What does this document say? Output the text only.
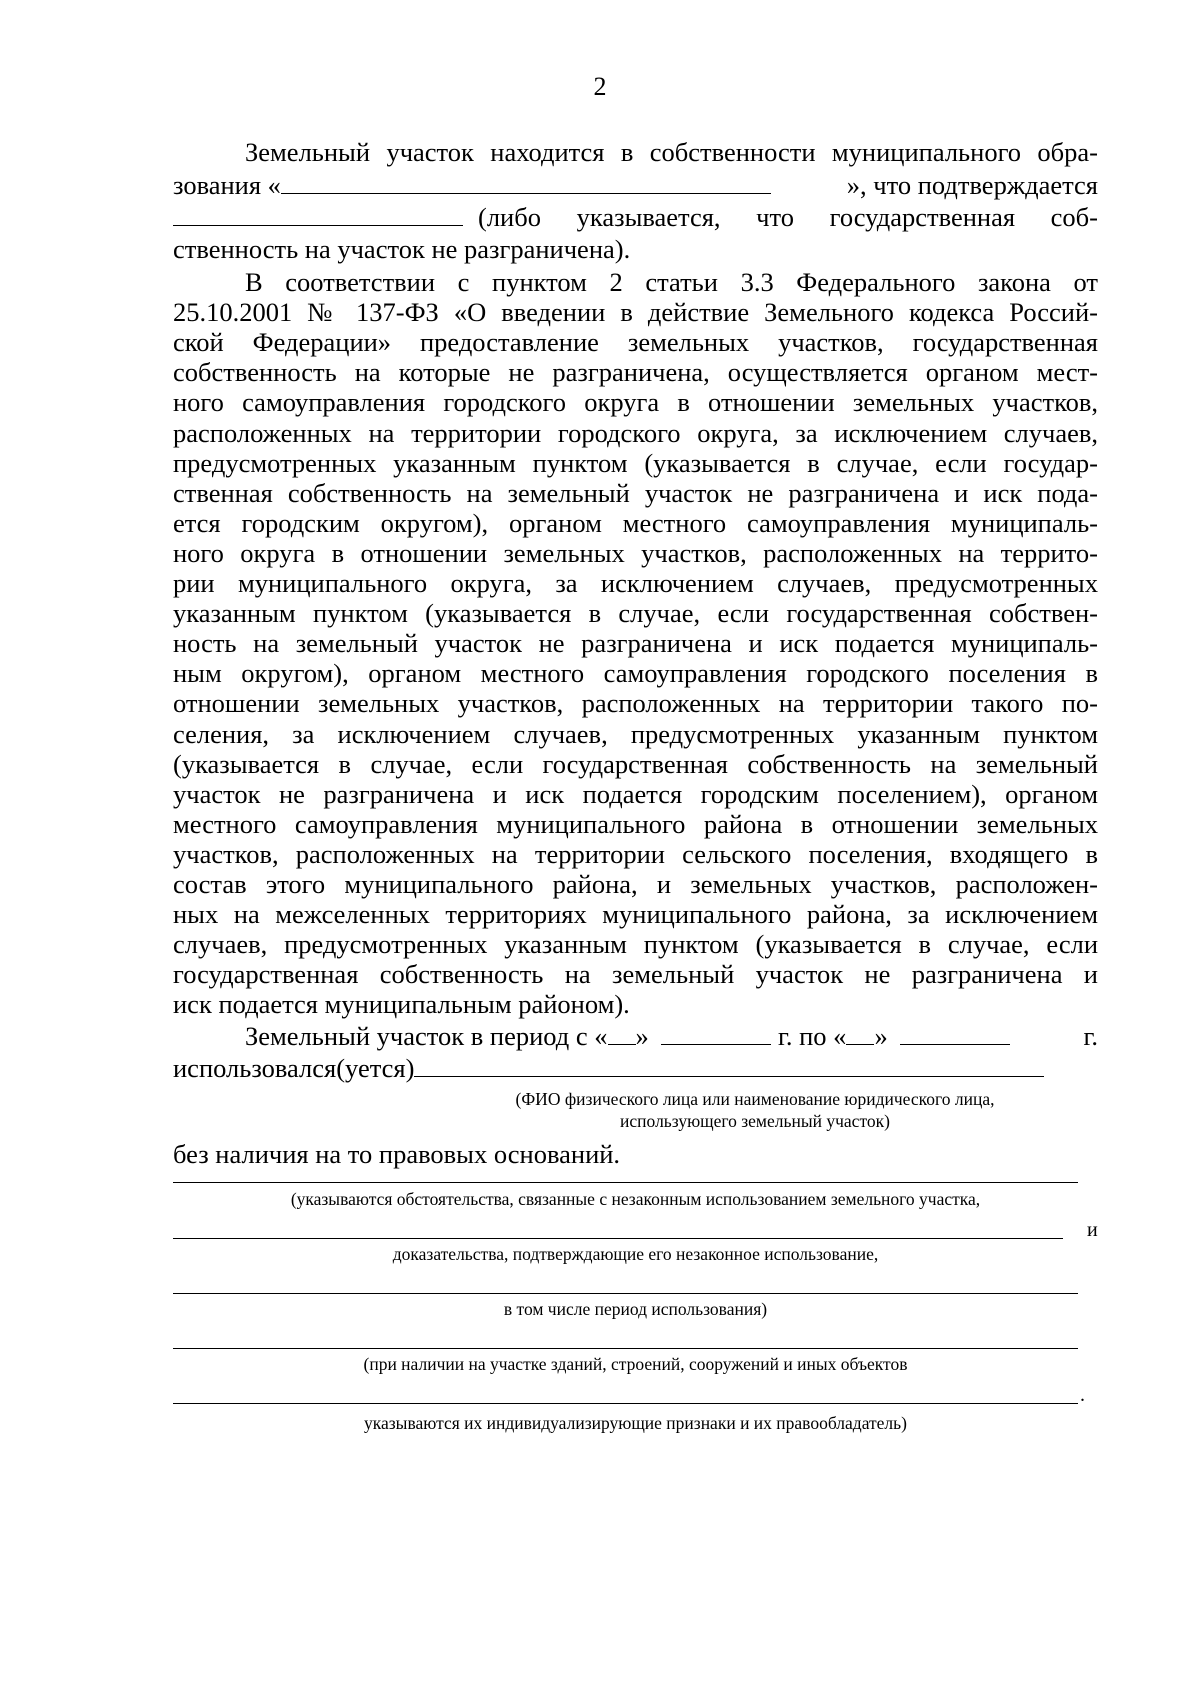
2
Земельный участок находится в собственности муниципального обра-
зования «	», что подтверждается
(либо указывается, что государственная соб-
ственность на участок не разграничена).
В соответствии с пунктом 2 статьи 3.3 Федерального закона от
25.10.2001 № 137-ФЗ «О введении в действие Земельного кодекса Россий-
ской Федерации» предоставление земельных участков, государственная
собственность на которые не разграничена, осуществляется органом мест-
ного самоуправления городского округа в отношении земельных участков,
расположенных на территории городского округа, за исключением случаев,
предусмотренных указанным пунктом (указывается в случае, если государ-
ственная собственность на земельный участок не разграничена и иск пода-
ется городским округом), органом местного самоуправления муниципаль-
ного округа в отношении земельных участков, расположенных на террито-
рии муниципального округа, за исключением случаев, предусмотренных
указанным пунктом (указывается в случае, если государственная собствен-
ность на земельный участок не разграничена и иск подается муниципаль-
ным округом), органом местного самоуправления городского поселения в
отношении земельных участков, расположенных на территории такого по-
селения, за исключением случаев, предусмотренных указанным пунктом
(указывается в случае, если государственная собственность на земельный
участок не разграничена и иск подается городским поселением), органом
местного самоуправления муниципального района в отношении земельных
участков, расположенных на территории сельского поселения, входящего в
состав этого муниципального района, и земельных участков, расположен-
ных на межселенных территориях муниципального района, за исключением
случаев, предусмотренных указанным пунктом (указывается в случае, если
государственная собственность на земельный участок не разграничена и
иск подается муниципальным районом).
Земельный участок в период с « »	г. по « »	г.
использовался(уется)
(ФИО физического лица или наименование юридического лица,
использующего земельный участок)
без наличия на то правовых оснований.
(указываются обстоятельства, связанные с незаконным использованием земельного участка,
и
доказательства, подтверждающие его незаконное использование,
в том числе период использования)
(при наличии на участке зданий, строений, сооружений и иных объектов
.
указываются их индивидуализирующие признаки и их правообладатель)
